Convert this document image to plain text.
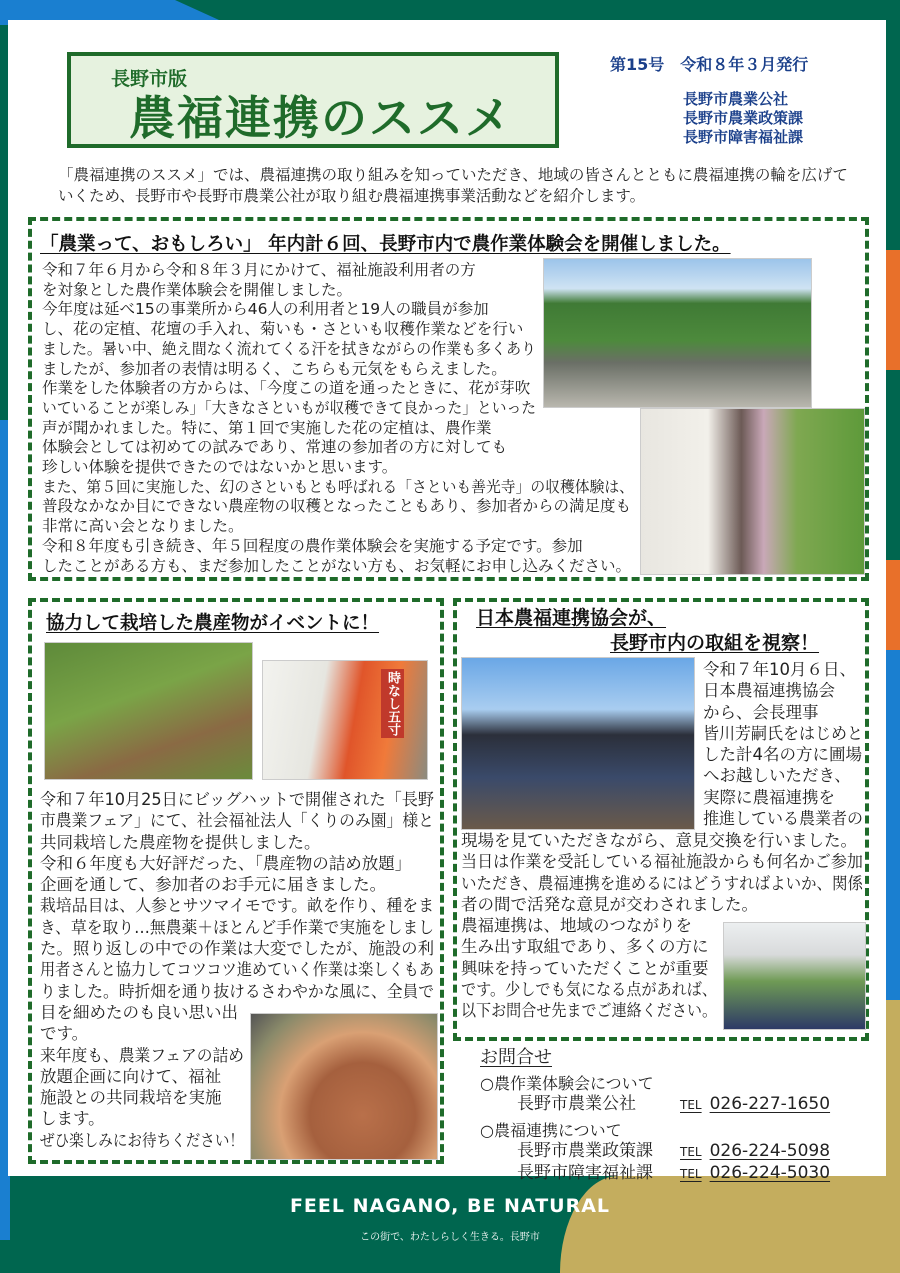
長野市版
農福連携のススメ
第15号　令和８年３月発行
長野市農業公社
長野市農業政策課
長野市障害福祉課
「農福連携のススメ」では、農福連携の取り組みを知っていただき、地域の皆さんとともに農福連携の輪を広げて
いくため、長野市や長野市農業公社が取り組む農福連携事業活動などを紹介します。
「農業って、おもしろい」 年内計６回、長野市内で農作業体験会を開催しました。
令和７年６月から令和８年３月にかけて、福祉施設利用者の方
を対象とした農作業体験会を開催しました。
今年度は延べ15の事業所から46人の利用者と19人の職員が参加
し、花の定植、花壇の手入れ、菊いも・さといも収穫作業などを行い
ました。暑い中、絶え間なく流れてくる汗を拭きながらの作業も多くあり
ましたが、参加者の表情は明るく、こちらも元気をもらえました。
作業をした体験者の方からは、「今度この道を通ったときに、花が芽吹
いていることが楽しみ」「大きなさといもが収穫できて良かった」といった
声が聞かれました。特に、第１回で実施した花の定植は、農作業
体験会としては初めての試みであり、常連の参加者の方に対しても
珍しい体験を提供できたのではないかと思います。
また、第５回に実施した、幻のさといもとも呼ばれる「さといも善光寺」の収穫体験は、
普段なかなか目にできない農産物の収穫となったこともあり、参加者からの満足度も
非常に高い会となりました。
令和８年度も引き続き、年５回程度の農作業体験会を実施する予定です。参加
したことがある方も、まだ参加したことがない方も、お気軽にお申し込みください。
協力して栽培した農産物がイベントに！
時なし五寸
令和７年10月25日にビッグハットで開催された「長野
市農業フェア」にて、社会福祉法人「くりのみ園」様と
共同栽培した農産物を提供しました。
令和６年度も大好評だった、「農産物の詰め放題」
企画を通して、参加者のお手元に届きました。
栽培品目は、人参とサツマイモです。畝を作り、種をま
き、草を取り…無農薬＋ほとんど手作業で実施をしまし
た。照り返しの中での作業は大変でしたが、施設の利
用者さんと協力してコツコツ進めていく作業は楽しくもあ
りました。時折畑を通り抜けるさわやかな風に、全員で
目を細めたのも良い思い出
です。
来年度も、農業フェアの詰め
放題企画に向けて、福祉
施設との共同栽培を実施
します。
ぜひ楽しみにお待ちください！
日本農福連携協会が、
長野市内の取組を視察！
令和７年10月６日、
日本農福連携協会
から、会長理事
皆川芳嗣氏をはじめと
した計4名の方に圃場
へお越しいただき、
実際に農福連携を
推進している農業者の
現場を見ていただきながら、意見交換を行いました。
当日は作業を受託している福祉施設からも何名かご参加
いただき、農福連携を進めるにはどうすればよいか、関係
者の間で活発な意見が交わされました。
農福連携は、地域のつながりを
生み出す取組であり、多くの方に
興味を持っていただくことが重要
です。少しでも気になる点があれば、
以下お問合せ先までご連絡ください。
お問合せ
○農作業体験会について
長野市農業公社	TEL 026-227-1650
○農福連携について
長野市農業政策課 TEL 026-224-5098
長野市障害福祉課 TEL 026-224-5030
FEEL NAGANO, BE NATURAL
この街で、わたしらしく生きる。長野市
